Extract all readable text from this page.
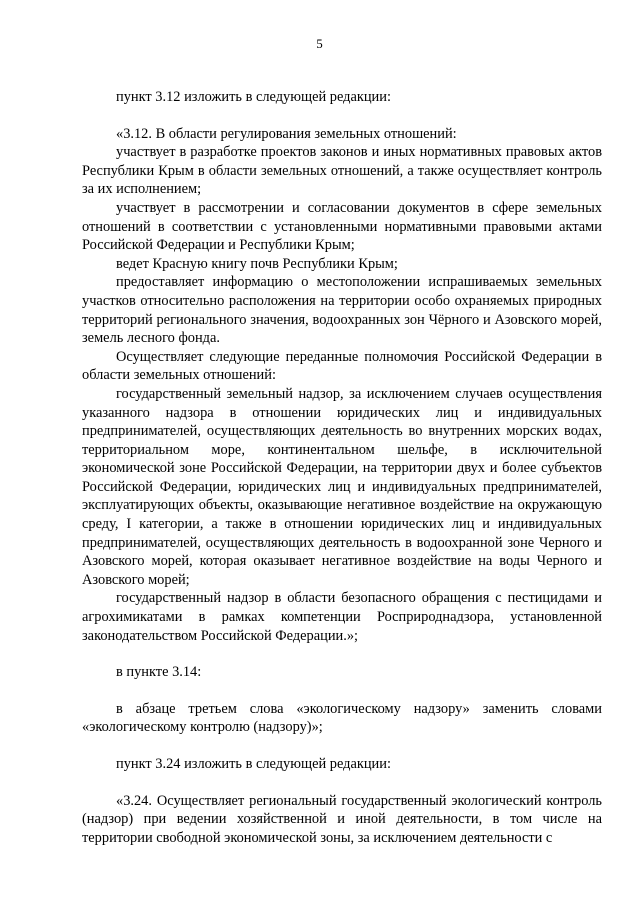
5

пункт 3.12 изложить в следующей редакции:

«3.12. В области регулирования земельных отношений:

участвует в разработке проектов законов и иных нормативных правовых актов Республики Крым в области земельных отношений, а также осуществляет контроль за их исполнением;

участвует в рассмотрении и согласовании документов в сфере земельных отношений в соответствии с установленными нормативными правовыми актами Российской Федерации и Республики Крым;

ведет Красную книгу почв Республики Крым;

предоставляет информацию о местоположении испрашиваемых земельных участков относительно расположения на территории особо охраняемых природных территорий регионального значения, водоохранных зон Чёрного и Азовского морей, земель лесного фонда.

Осуществляет следующие переданные полномочия Российской Федерации в области земельных отношений:

государственный земельный надзор, за исключением случаев осуществления указанного надзора в отношении юридических лиц и индивидуальных предпринимателей, осуществляющих деятельность во внутренних морских водах, территориальном море, континентальном шельфе, в исключительной экономической зоне Российской Федерации, на территории двух и более субъектов Российской Федерации, юридических лиц и индивидуальных предпринимателей, эксплуатирующих объекты, оказывающие негативное воздействие на окружающую среду, I категории, а также в отношении юридических лиц и индивидуальных предпринимателей, осуществляющих деятельность в водоохранной зоне Черного и Азовского морей, которая оказывает негативное воздействие на воды Черного и Азовского морей;

государственный надзор в области безопасного обращения с пестицидами и агрохимикатами в рамках компетенции Росприроднадзора, установленной законодательством Российской Федерации.»;

в пункте 3.14:

в абзаце третьем слова «экологическому надзору» заменить словами «экологическому контролю (надзору)»;

пункт 3.24 изложить в следующей редакции:

«3.24. Осуществляет региональный государственный экологический контроль (надзор) при ведении хозяйственной и иной деятельности, в том числе на территории свободной экономической зоны, за исключением деятельности с
